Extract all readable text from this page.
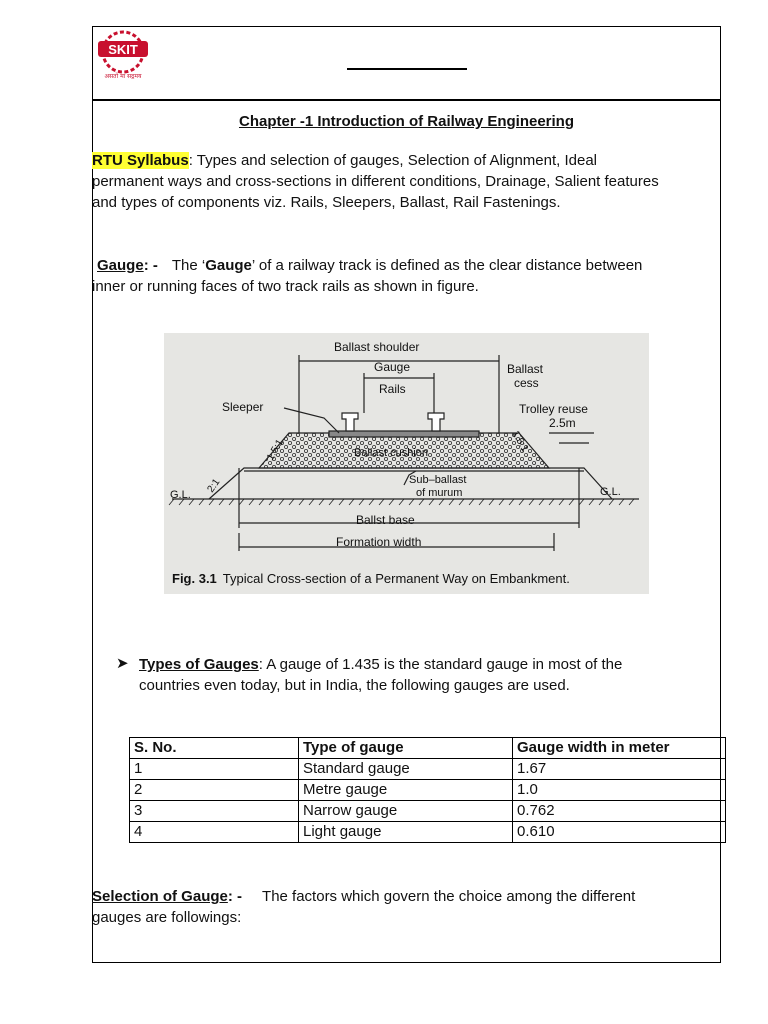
SKIT
असतो मा सद्गमय
Chapter -1 Introduction of Railway Engineering
RTU Syllabus: Types and selection of gauges, Selection of Alignment, Ideal
permanent ways and cross-sections in different conditions, Drainage, Salient features
and types of components viz. Rails, Sleepers, Ballast, Rail Fastenings.
Gauge: - The ‘Gauge’ of a railway track is defined as the clear distance between
inner or running faces of two track rails as shown in figure.
Ballast shoulder
Gauge
Rails
Ballast
cess
Sleeper	Trolley reuse
2.5m
Ballast cushion
Sub–ballast
of murum
G.L.	G.L.
Ballst base
Formation width
1.5:1	1.5:1
2:1
Fig. 3.1 Typical Cross-section of a Permanent Way on Embankment.
➤ Types of Gauges: A gauge of 1.435 is the standard gauge in most of the
countries even today, but in India, the following gauges are used.
S. No.	Type of gauge	Gauge width in meter
1	Standard gauge	1.67
2	Metre gauge	1.0
3	Narrow gauge	0.762
4	Light gauge	0.610
Selection of Gauge: -	The factors which govern the choice among the different
gauges are followings:
